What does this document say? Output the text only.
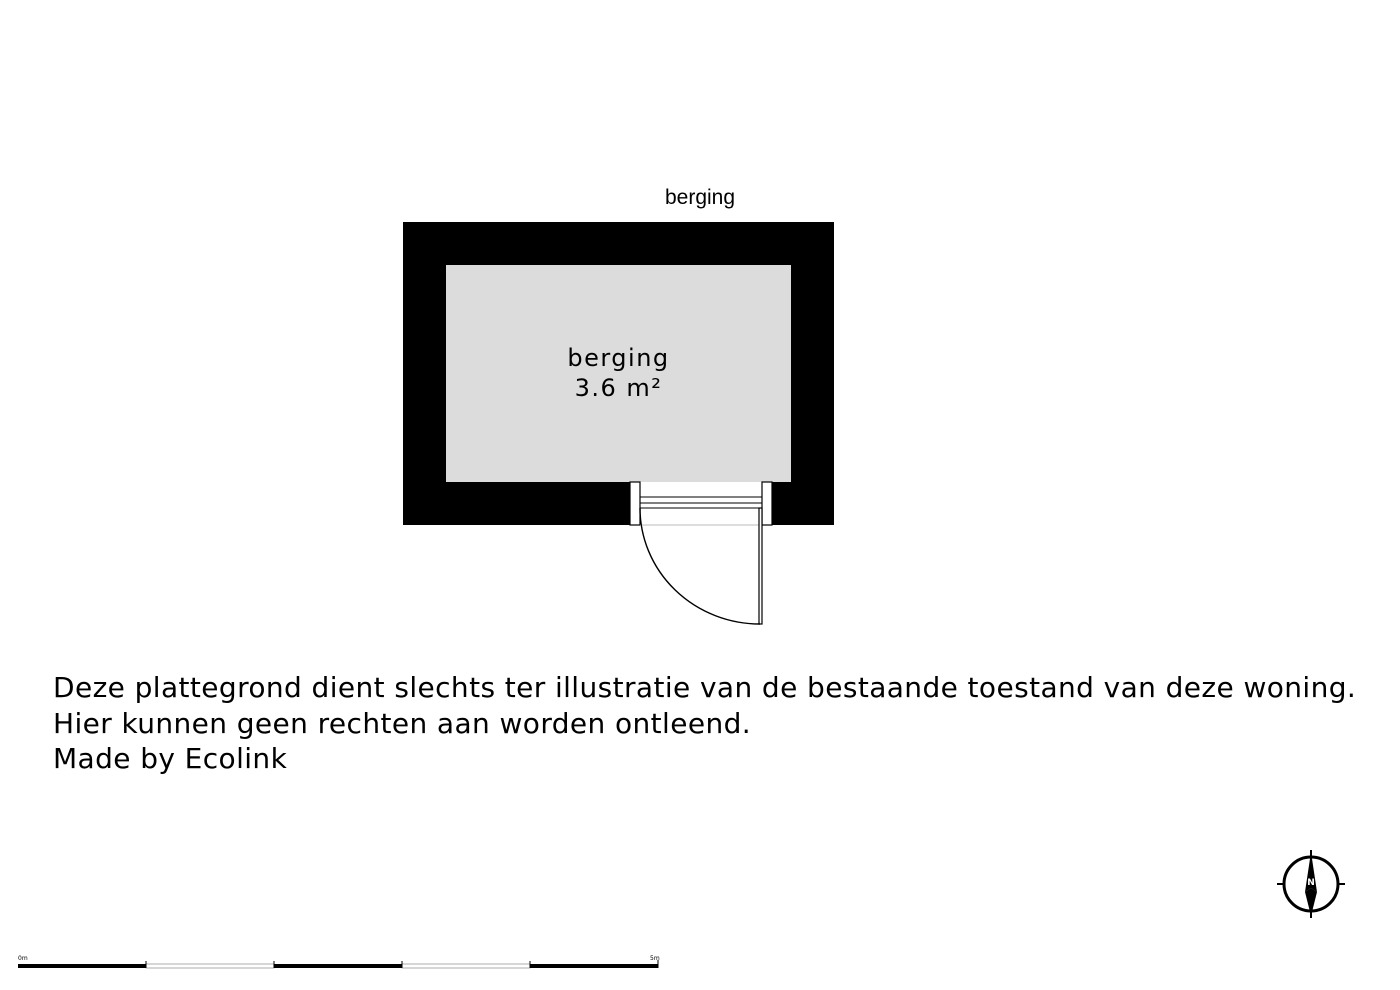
berging
berging
3.6 m²
Deze plattegrond dient slechts ter illustratie van de bestaande toestand van deze woning.
Hier kunnen geen rechten aan worden ontleend.
Made by Ecolink
N
0m	5m
